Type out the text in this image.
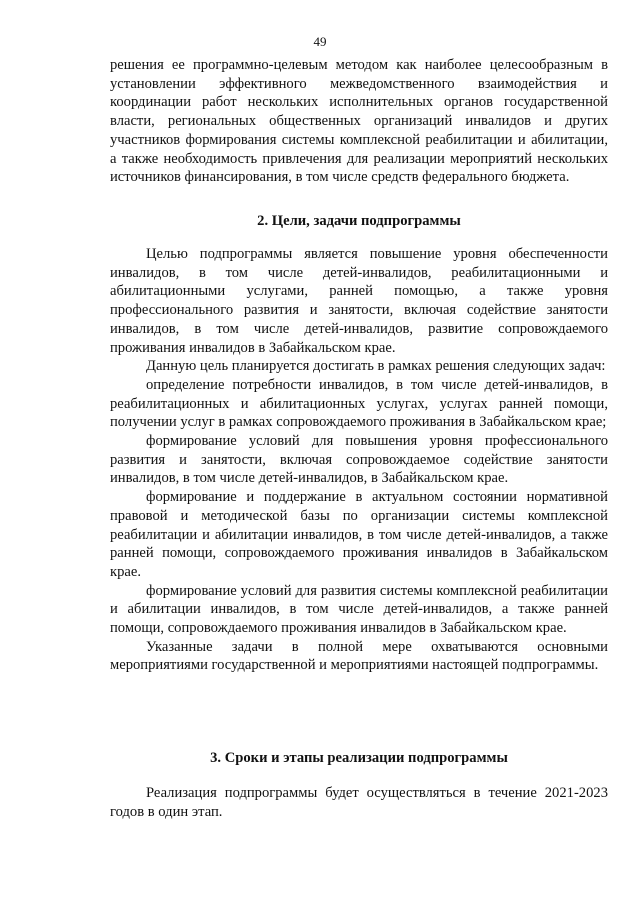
49

решения ее программно-целевым методом как наиболее целесообразным в установлении эффективного межведомственного взаимодействия и координации работ нескольких исполнительных органов государственной власти, региональных общественных организаций инвалидов и других участников формирования системы комплексной реабилитации и абилитации, а также необходимость привлечения для реализации мероприятий нескольких источников финансирования, в том числе средств федерального бюджета.

2. Цели, задачи подпрограммы

Целью подпрограммы является повышение уровня обеспеченности инвалидов, в том числе детей-инвалидов, реабилитационными и абилитационными услугами, ранней помощью, а также уровня профессионального развития и занятости, включая содействие занятости инвалидов, в том числе детей-инвалидов, развитие сопровождаемого проживания инвалидов в Забайкальском крае.

Данную цель планируется достигать в рамках решения следующих задач:

определение потребности инвалидов, в том числе детей-инвалидов, в реабилитационных и абилитационных услугах, услугах ранней помощи, получении услуг в рамках сопровождаемого проживания в Забайкальском крае;

формирование условий для повышения уровня профессионального развития и занятости, включая сопровождаемое содействие занятости инвалидов, в том числе детей-инвалидов, в Забайкальском крае.

формирование и поддержание в актуальном состоянии нормативной правовой и методической базы по организации системы комплексной реабилитации и абилитации инвалидов, в том числе детей-инвалидов, а также ранней помощи, сопровождаемого проживания инвалидов в Забайкальском крае.

формирование условий для развития системы комплексной реабилитации и абилитации инвалидов, в том числе детей-инвалидов, а также ранней помощи, сопровождаемого проживания инвалидов в Забайкальском крае.

Указанные задачи в полной мере охватываются основными мероприятиями государственной и мероприятиями настоящей подпрограммы.

3. Сроки и этапы реализации подпрограммы

Реализация подпрограммы будет осуществляться в течение 2021-2023 годов в один этап.
